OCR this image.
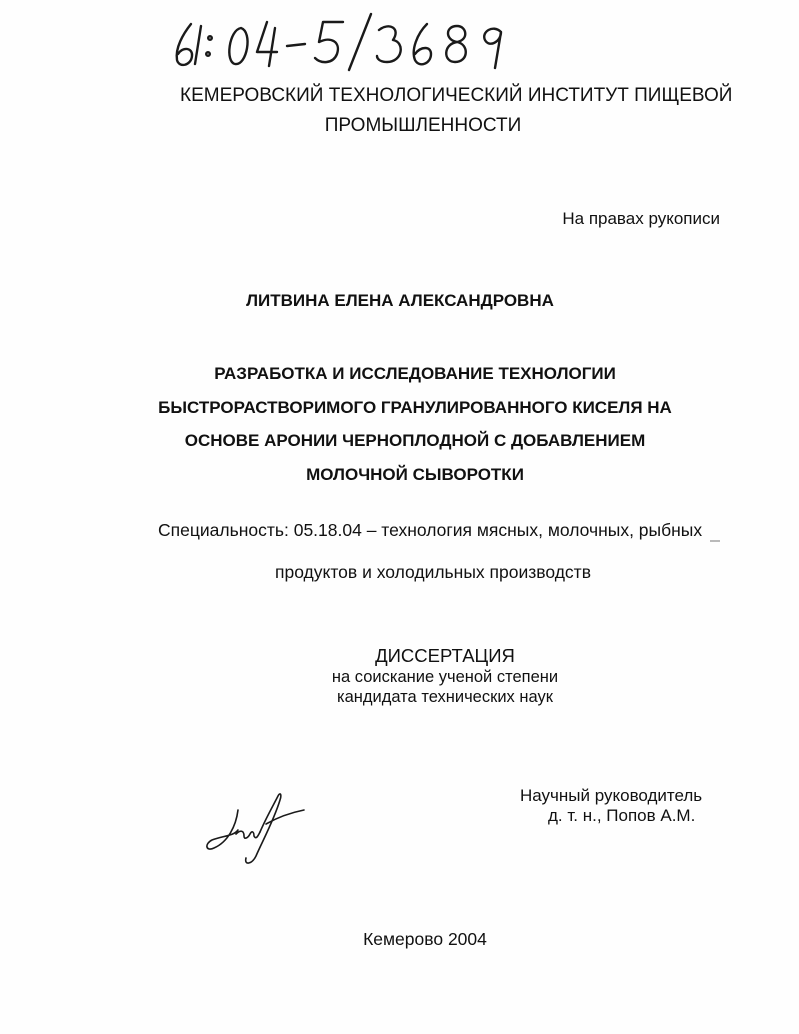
61: 04-5/3689
КЕМЕРОВСКИЙ ТЕХНОЛОГИЧЕСКИЙ ИНСТИТУТ ПИЩЕВОЙ
ПРОМЫШЛЕННОСТИ
На правах рукописи
ЛИТВИНА ЕЛЕНА АЛЕКСАНДРОВНА
РАЗРАБОТКА И ИССЛЕДОВАНИЕ ТЕХНОЛОГИИ
БЫСТРОРАСТВОРИМОГО ГРАНУЛИРОВАННОГО КИСЕЛЯ НА
ОСНОВЕ АРОНИИ ЧЕРНОПЛОДНОЙ С ДОБАВЛЕНИЕМ
МОЛОЧНОЙ СЫВОРОТКИ
Специальность: 05.18.04 – технология мясных, молочных, рыбных
продуктов и холодильных производств
ДИССЕРТАЦИЯ
на соискание ученой степени
кандидата технических наук
Научный руководитель
д. т. н., Попов А.М.
Кемерово 2004
